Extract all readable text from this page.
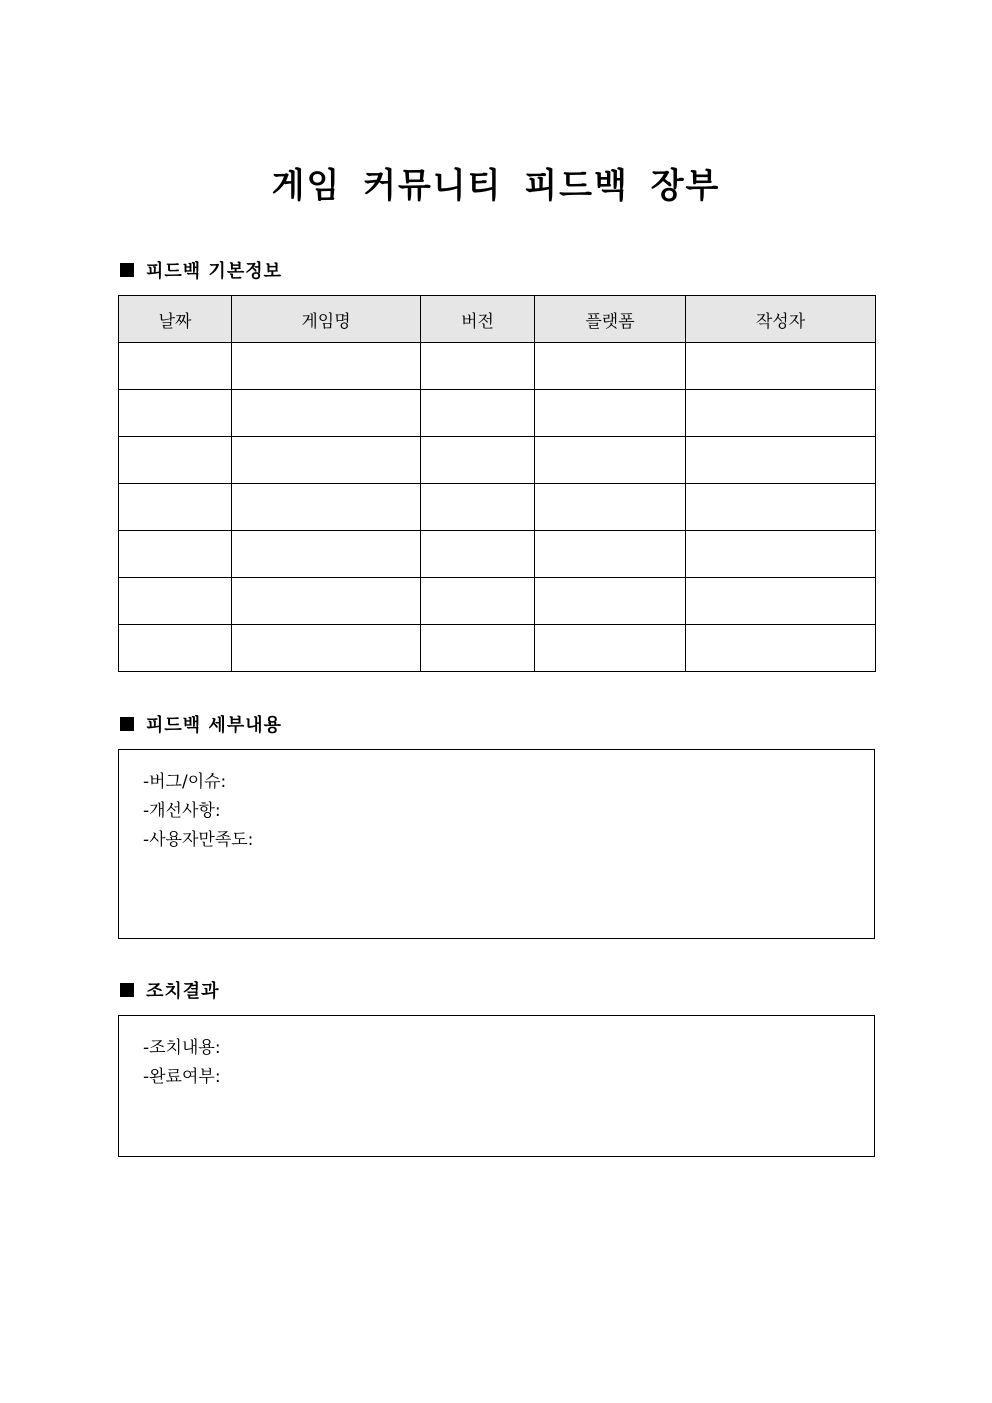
게임 커뮤니티 피드백 장부
피드백 기본정보
날짜	게임명	버전	플랫폼	작성자

피드백 세부내용
-버그/이슈:
-개선사항:
-사용자만족도:
조치결과
-조치내용:
-완료여부:
